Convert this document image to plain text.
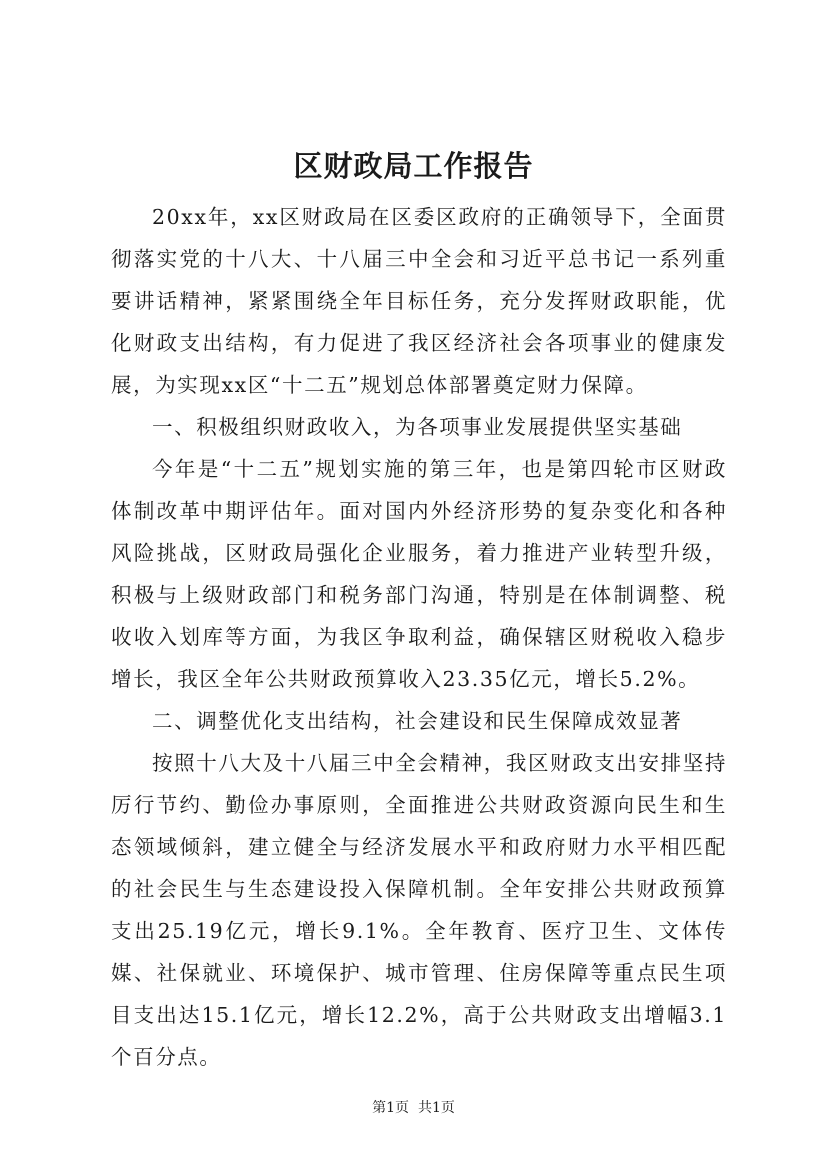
区财政局工作报告

20xx年，xx区财政局在区委区政府的正确领导下，全面贯彻落实党的十八大、十八届三中全会和习近平总书记一系列重要讲话精神，紧紧围绕全年目标任务，充分发挥财政职能，优化财政支出结构，有力促进了我区经济社会各项事业的健康发展，为实现xx区“十二五”规划总体部署奠定财力保障。

一、积极组织财政收入，为各项事业发展提供坚实基础

今年是“十二五”规划实施的第三年，也是第四轮市区财政体制改革中期评估年。面对国内外经济形势的复杂变化和各种风险挑战，区财政局强化企业服务，着力推进产业转型升级，积极与上级财政部门和税务部门沟通，特别是在体制调整、税收收入划库等方面，为我区争取利益，确保辖区财税收入稳步增长，我区全年公共财政预算收入23.35亿元，增长5.2%。

二、调整优化支出结构，社会建设和民生保障成效显著

按照十八大及十八届三中全会精神，我区财政支出安排坚持厉行节约、勤俭办事原则，全面推进公共财政资源向民生和生态领域倾斜，建立健全与经济发展水平和政府财力水平相匹配的社会民生与生态建设投入保障机制。全年安排公共财政预算支出25.19亿元，增长9.1%。全年教育、医疗卫生、文体传媒、社保就业、环境保护、城市管理、住房保障等重点民生项目支出达15.1亿元，增长12.2%，高于公共财政支出增幅3.1个百分点。

第1页  共1页
